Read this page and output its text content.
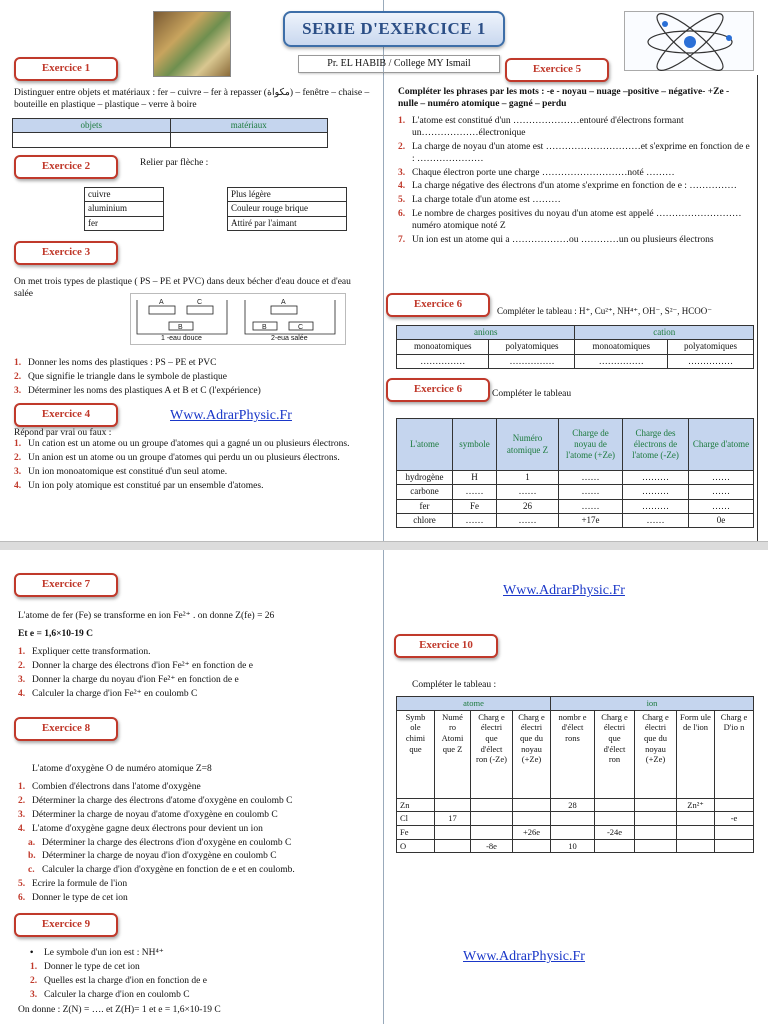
SERIE D'EXERCICE 1
Pr. EL HABIB / College MY Ismail
Exercice 1

Distinguer entre objets et matériaux : fer – cuivre – fer à repasser (مكواة) – fenêtre – chaise – bouteille en plastique – plastique – verre à boire

objets	matériaux

Exercice 2	Relier par flèche :

cuivre
aluminium
fer
Plus légère
Couleur rouge brique
Attiré par l'aimant
Exercice 3

On met trois types de plastique ( PS – PE et PVC) dans deux bécher d'eau douce et d'eau salée

A	C
B
A
B	C
1 -eau douce	2-eua salée
1. Donner les noms des plastiques : PS – PE et PVC
2. Que signifie le triangle dans le symbole de plastique
3. Déterminer les noms des plastiques A et B et C (l'expérience)
Exercice 4	Www.AdrarPhysic.Fr

Répond par vrai ou faux :

1. Un cation est un atome ou un groupe d'atomes qui a gagné un ou plusieurs électrons.
2. Un anion est un atome ou un groupe d'atomes qui perdu un ou plusieurs électrons.
3. Un ion monoatomique est constitué d'un seul atome.
4. Un ion poly atomique est constitué par un ensemble d'atomes.
Exercice 5

Compléter les phrases par les mots : -e - noyau – nuage –positive – négative- +Ze - nulle – numéro atomique – gagné – perdu

1. L'atome est constitué d'un …………………entouré d'électrons formant un………………électronique
2. La charge de noyau d'un atome est …………………………et s'exprime en fonction de e : …………………
3. Chaque électron porte une charge ………………………noté ………
4. La charge négative des électrons d'un atome s'exprime en fonction de e : ……………
5. La charge totale d'un atome est ………
6. Le nombre de charges positives du noyau d'un atome est appelé ………………………numéro atomique noté Z
7. Un ion est un atome qui a ………………ou …………un ou plusieurs électrons
Exercice 6

Compléter le tableau : H⁺, Cu²⁺, NH⁴⁺, OH⁻, S²⁻, HCOO⁻

anions		cation	
monoatomiques	polyatomiques	monoatomiques	polyatomiques
……………	……………	……………	……………
Exercice 6	Compléter le tableau

L'atome	symbole	Numéro atomique Z	Charge de noyau de l'atome (+Ze)	Charge des électrons de l'atome (-Ze)	Charge d'atome
hydrogène	H	1	……	………	……
carbone	……	……	……	………	……
fer	Fe	26	……	………	……
chlore	……	……	+17e	……	0e
Exercice 7

L'atome de fer (Fe) se transforme en ion Fe²⁺ . on donne Z(fe) = 26

Et e = 1,6×10-19 C

1. Expliquer cette transformation.
2. Donner la charge des électrons d'ion Fe²⁺ en fonction de e
3. Donner la charge du noyau d'ion Fe²⁺ en fonction de e
4. Calculer la charge d'ion Fe²⁺ en coulomb C
Exercice 8

L'atome d'oxygène O de numéro atomique Z=8

1. Combien d'électrons dans l'atome d'oxygène
2. Déterminer la charge des électrons d'atome d'oxygène en coulomb C
3. Déterminer la charge de noyau d'atome d'oxygène en coulomb C
4. L'atome d'oxygène gagne deux électrons pour devient un ion
a. Déterminer la charge des électrons d'ion d'oxygène en coulomb C
b. Déterminer la charge de noyau d'ion d'oxygène en coulomb C
c. Calculer la charge d'ion d'oxygène en fonction de e et en coulomb.
5. Ecrire la formule de l'ion
6. Donner le type de cet ion
Exercice 9
• Le symbole d'un ion est : NH⁴⁺
1. Donner le type de cet ion
2. Quelles est la charge d'ion en fonction de e
3. Calculer la charge d'ion en coulomb C

On donne : Z(N) = …. et Z(H)= 1 et e = 1,6×10-19 C

Www.AdrarPhysic.Fr
Exercice 10

Compléter le tableau :

atome				ion				
Symb ole chimi que	Numé ro Atomi que Z	Charg e électri que d'élect ron (-Ze)	Charg e électri que du noyau (+Ze)	nombr e d'élect rons	Charg e électri que d'élect ron	Charg e électri que du noyau (+Ze)	Form ule de l'ion	Charg e D'io n
Zn				28			Zn²⁺	
Cl	17							-e
Fe			+26e		-24e			
O		-8e		10				
Www.AdrarPhysic.Fr
